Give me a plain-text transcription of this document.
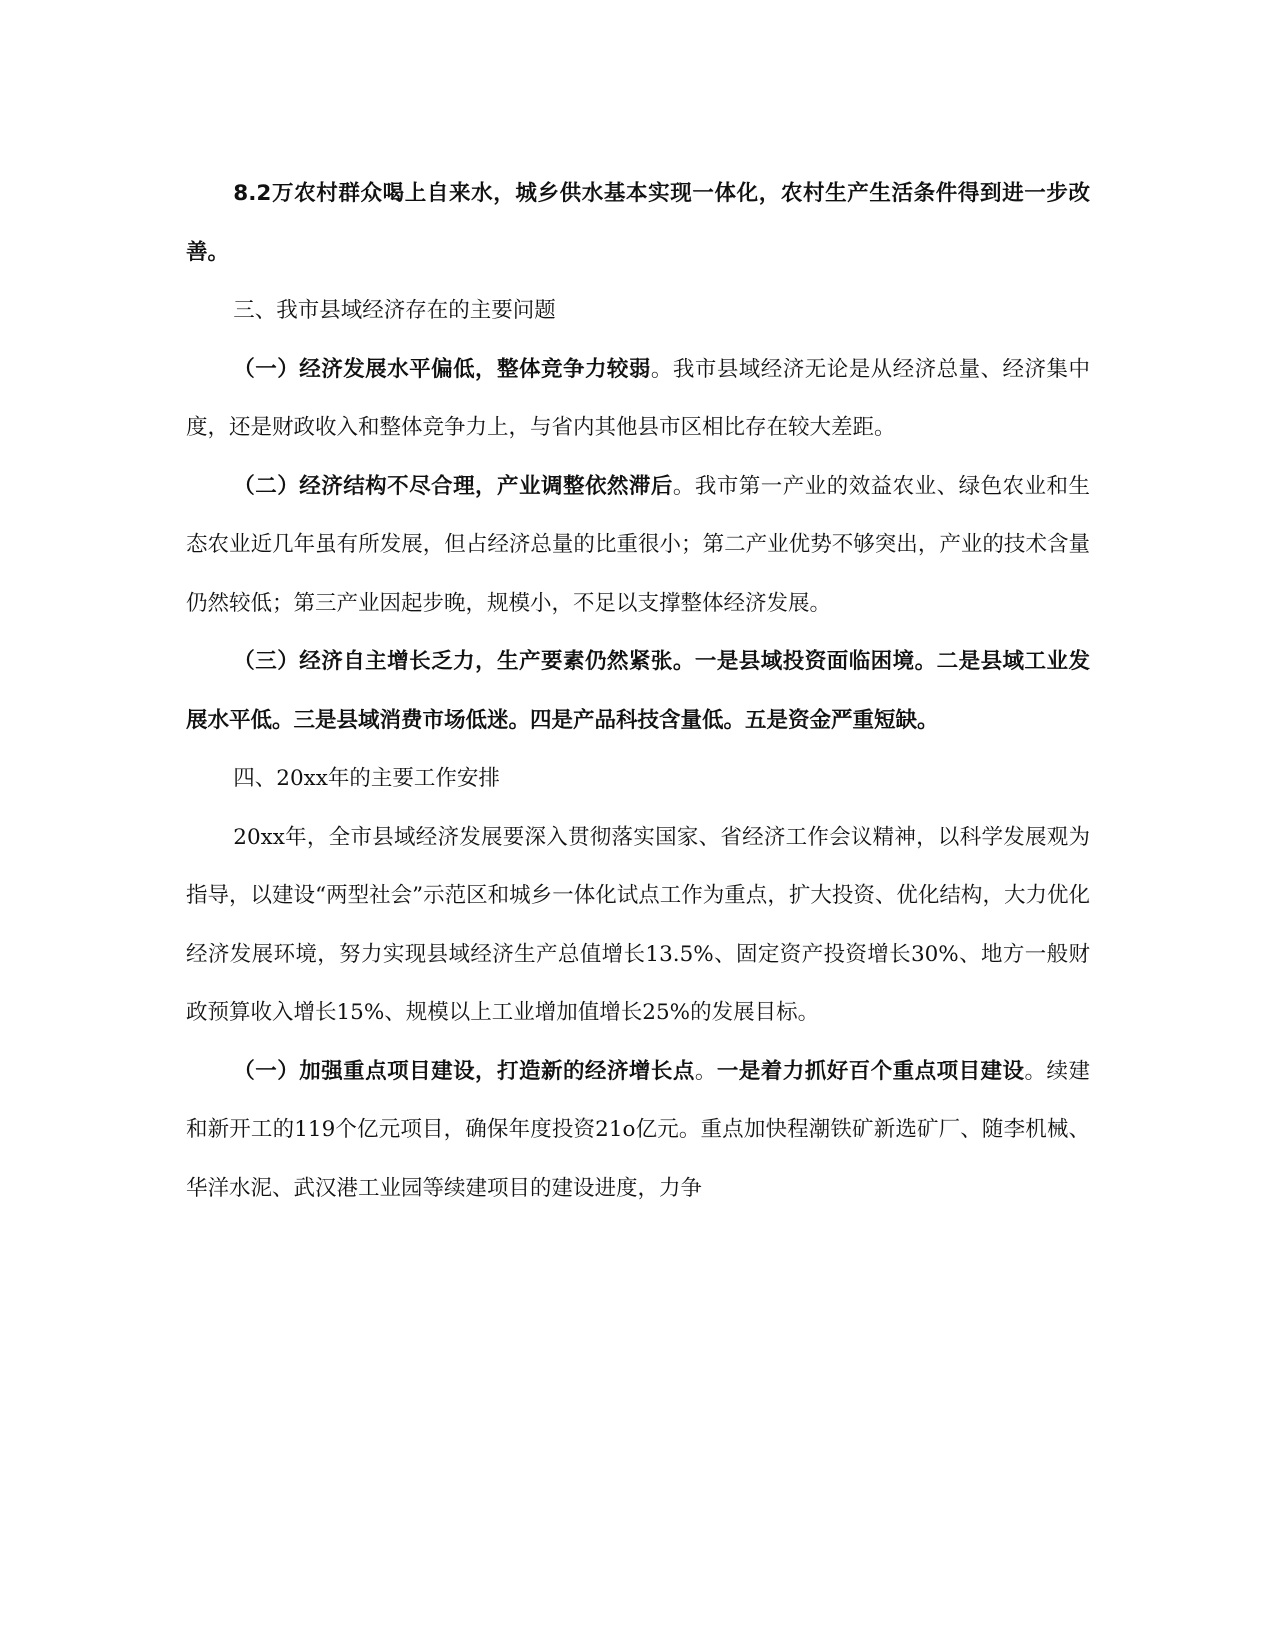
8.2万农村群众喝上自来水，城乡供水基本实现一体化，农村生产生活条件得到进一步改善。

三、我市县域经济存在的主要问题

（一）经济发展水平偏低，整体竞争力较弱。我市县域经济无论是从经济总量、经济集中度，还是财政收入和整体竞争力上，与省内其他县市区相比存在较大差距。

（二）经济结构不尽合理，产业调整依然滞后。我市第一产业的效益农业、绿色农业和生态农业近几年虽有所发展，但占经济总量的比重很小；第二产业优势不够突出，产业的技术含量仍然较低；第三产业因起步晚，规模小，不足以支撑整体经济发展。

（三）经济自主增长乏力，生产要素仍然紧张。一是县域投资面临困境。二是县域工业发展水平低。三是县域消费市场低迷。四是产品科技含量低。五是资金严重短缺。

四、20xx年的主要工作安排

20xx年，全市县域经济发展要深入贯彻落实国家、省经济工作会议精神，以科学发展观为指导，以建设“两型社会”示范区和城乡一体化试点工作为重点，扩大投资、优化结构，大力优化经济发展环境，努力实现县域经济生产总值增长13.5%、固定资产投资增长30%、地方一般财政预算收入增长15%、规模以上工业增加值增长25%的发展目标。

（一）加强重点项目建设，打造新的经济增长点。一是着力抓好百个重点项目建设。续建和新开工的119个亿元项目，确保年度投资21o亿元。重点加快程潮铁矿新选矿厂、随李机械、华洋水泥、武汉港工业园等续建项目的建设进度，力争
